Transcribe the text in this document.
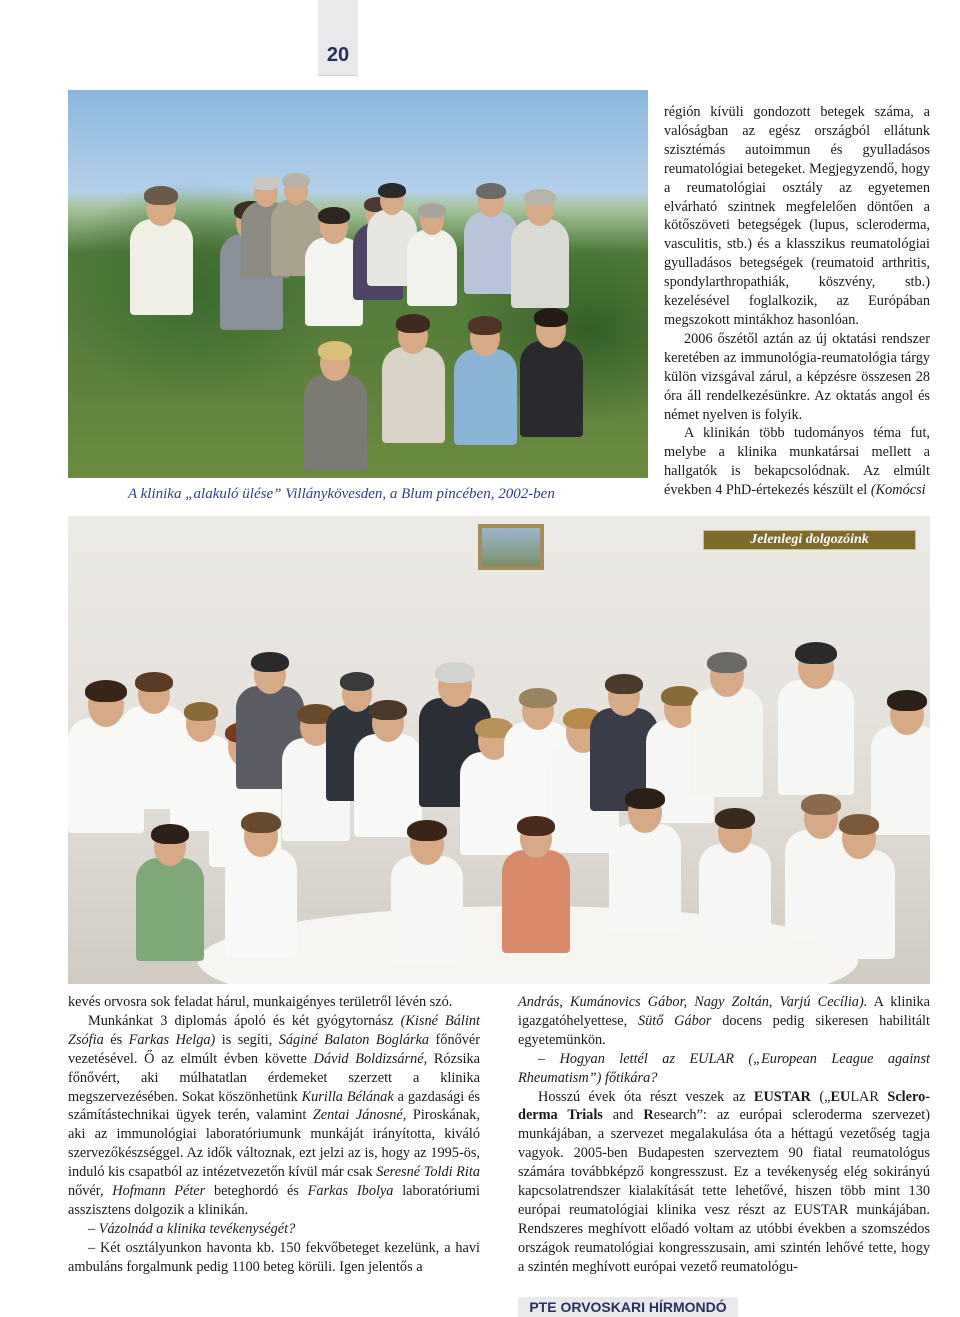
20
A klinika „alakuló ülése” Villánykövesden, a Blum pincében, 2002-ben

régión kívüli gondozott betegek száma, a valóságban az egész országból ellátunk szisztémás autoimmun és gyulladásos reumatológiai betegeket. Megjegyzendő, hogy a reumatológiai osztály az egyetemen elvárható szintnek megfelelően döntően a kötőszöveti betegségek (lupus, scleroderma, vasculitis, stb.) és a klasszikus reumatológiai gyulladásos betegségek (reumatoid arthritis, spondylarthropathiák, köszvény, stb.) kezelésével foglalkozik, az Európában megszokott mintákhoz hasonlóan.

2006 őszétől aztán az új oktatási rendszer keretében az immunológia-reumatológia tárgy külön vizsgával zárul, a képzésre összesen 28 óra áll rendelkezésünkre. Az oktatás angol és német nyelven is folyik.

A klinikán több tudományos téma fut, melybe a klinika munkatársai mellett a hallgatók is bekapcsolódnak. Az elmúlt években 4 PhD-értekezés készült el (Komócsi

Jelenlegi dolgozóink

kevés orvosra sok feladat hárul, munkaigényes területről lévén szó.

Munkánkat 3 diplomás ápoló és két gyógytornász (Kisné Bálint Zsófia és Farkas Helga) is segíti, Ságiné Balaton Boglárka főnővér vezetésével. Ő az elmúlt évben követte Dávid Boldizsárné, Rózsika főnővért, aki múlhatatlan érdemeket szerzett a klinika megszervezésében. Sokat köszönhetünk Kurilla Bélának a gazdasági és számítástechnikai ügyek terén, valamint Zentai Jánosné, Piroskának, aki az immunológiai laboratóriumunk munkáját irányította, kiváló szervezőkészséggel. Az idők változnak, ezt jelzi az is, hogy az 1995-ös, induló kis csapatból az intézetvezetőn kívül már csak Seresné Toldi Rita nővér, Hofmann Péter beteghordó és Farkas Ibolya laboratóriumi asszisztens dolgozik a klinikán.

– Vázolnád a klinika tevékenységét?

– Két osztályunkon havonta kb. 150 fekvőbeteget kezelünk, a havi ambuláns forgalmunk pedig 1100 beteg körüli. Igen jelentős a

András, Kumánovics Gábor, Nagy Zoltán, Varjú Cecília). A klinika igazgatóhelyettese, Sütő Gábor docens pedig sikeresen habilitált egyetemünkön.

– Hogyan lettél az EULAR („European League against Rheumatism”) főtikára?

Hosszú évek óta részt veszek az EUSTAR („EULAR Sclero-derma Trials and Research”: az európai scleroderma szervezet) munkájában, a szervezet megalakulása óta a héttagú vezetőség tagja vagyok. 2005-ben Budapesten szerveztem 90 fiatal reumatológus számára továbbképző kongresszust. Ez a tevékenység elég sokirányú kapcsolatrendszer kialakítását tette lehetővé, hiszen több mint 130 európai reumatológiai klinika vesz részt az EUSTAR munkájában. Rendszeres meghívott előadó voltam az utóbbi években a szomszédos országok reumatológiai kongresszusain, ami szintén lehővé tette, hogy a szintén meghívott európai vezető reumatológu-

PTE ORVOSKARI HÍRMONDÓ
